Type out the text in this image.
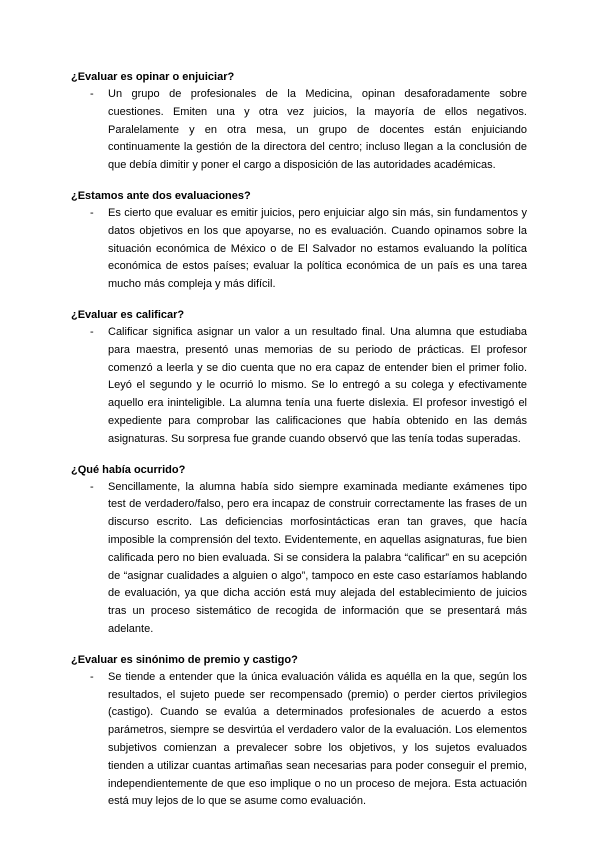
¿Evaluar es opinar o enjuiciar?
- Un grupo de profesionales de la Medicina, opinan desaforadamente sobre cuestiones. Emiten una y otra vez juicios, la mayoría de ellos negativos. Paralelamente y en otra mesa, un grupo de docentes están enjuiciando continuamente la gestión de la directora del centro; incluso llegan a la conclusión de que debía dimitir y poner el cargo a disposición de las autoridades académicas.

¿Estamos ante dos evaluaciones?
- Es cierto que evaluar es emitir juicios, pero enjuiciar algo sin más, sin fundamentos y datos objetivos en los que apoyarse, no es evaluación. Cuando opinamos sobre la situación económica de México o de El Salvador no estamos evaluando la política económica de estos países; evaluar la política económica de un país es una tarea mucho más compleja y más difícil.

¿Evaluar es calificar?
- Calificar significa asignar un valor a un resultado final. Una alumna que estudiaba para maestra, presentó unas memorias de su periodo de prácticas. El profesor comenzó a leerla y se dio cuenta que no era capaz de entender bien el primer folio. Leyó el segundo y le ocurrió lo mismo. Se lo entregó a su colega y efectivamente aquello era ininteligible. La alumna tenía una fuerte dislexia. El profesor investigó el expediente para comprobar las calificaciones que había obtenido en las demás asignaturas. Su sorpresa fue grande cuando observó que las tenía todas superadas.

¿Qué había ocurrido?
- Sencillamente, la alumna había sido siempre examinada mediante exámenes tipo test de verdadero/falso, pero era incapaz de construir correctamente las frases de un discurso escrito. Las deficiencias morfosintácticas eran tan graves, que hacía imposible la comprensión del texto. Evidentemente, en aquellas asignaturas, fue bien calificada pero no bien evaluada. Si se considera la palabra “calificar” en su acepción de “asignar cualidades a alguien o algo”, tampoco en este caso estaríamos hablando de evaluación, ya que dicha acción está muy alejada del establecimiento de juicios tras un proceso sistemático de recogida de información que se presentará más adelante.

¿Evaluar es sinónimo de premio y castigo?
- Se tiende a entender que la única evaluación válida es aquélla en la que, según los resultados, el sujeto puede ser recompensado (premio) o perder ciertos privilegios (castigo). Cuando se evalúa a determinados profesionales de acuerdo a estos parámetros, siempre se desvirtúa el verdadero valor de la evaluación. Los elementos subjetivos comienzan a prevalecer sobre los objetivos, y los sujetos evaluados tienden a utilizar cuantas artimañas sean necesarias para poder conseguir el premio, independientemente de que eso implique o no un proceso de mejora. Esta actuación está muy lejos de lo que se asume como evaluación.
